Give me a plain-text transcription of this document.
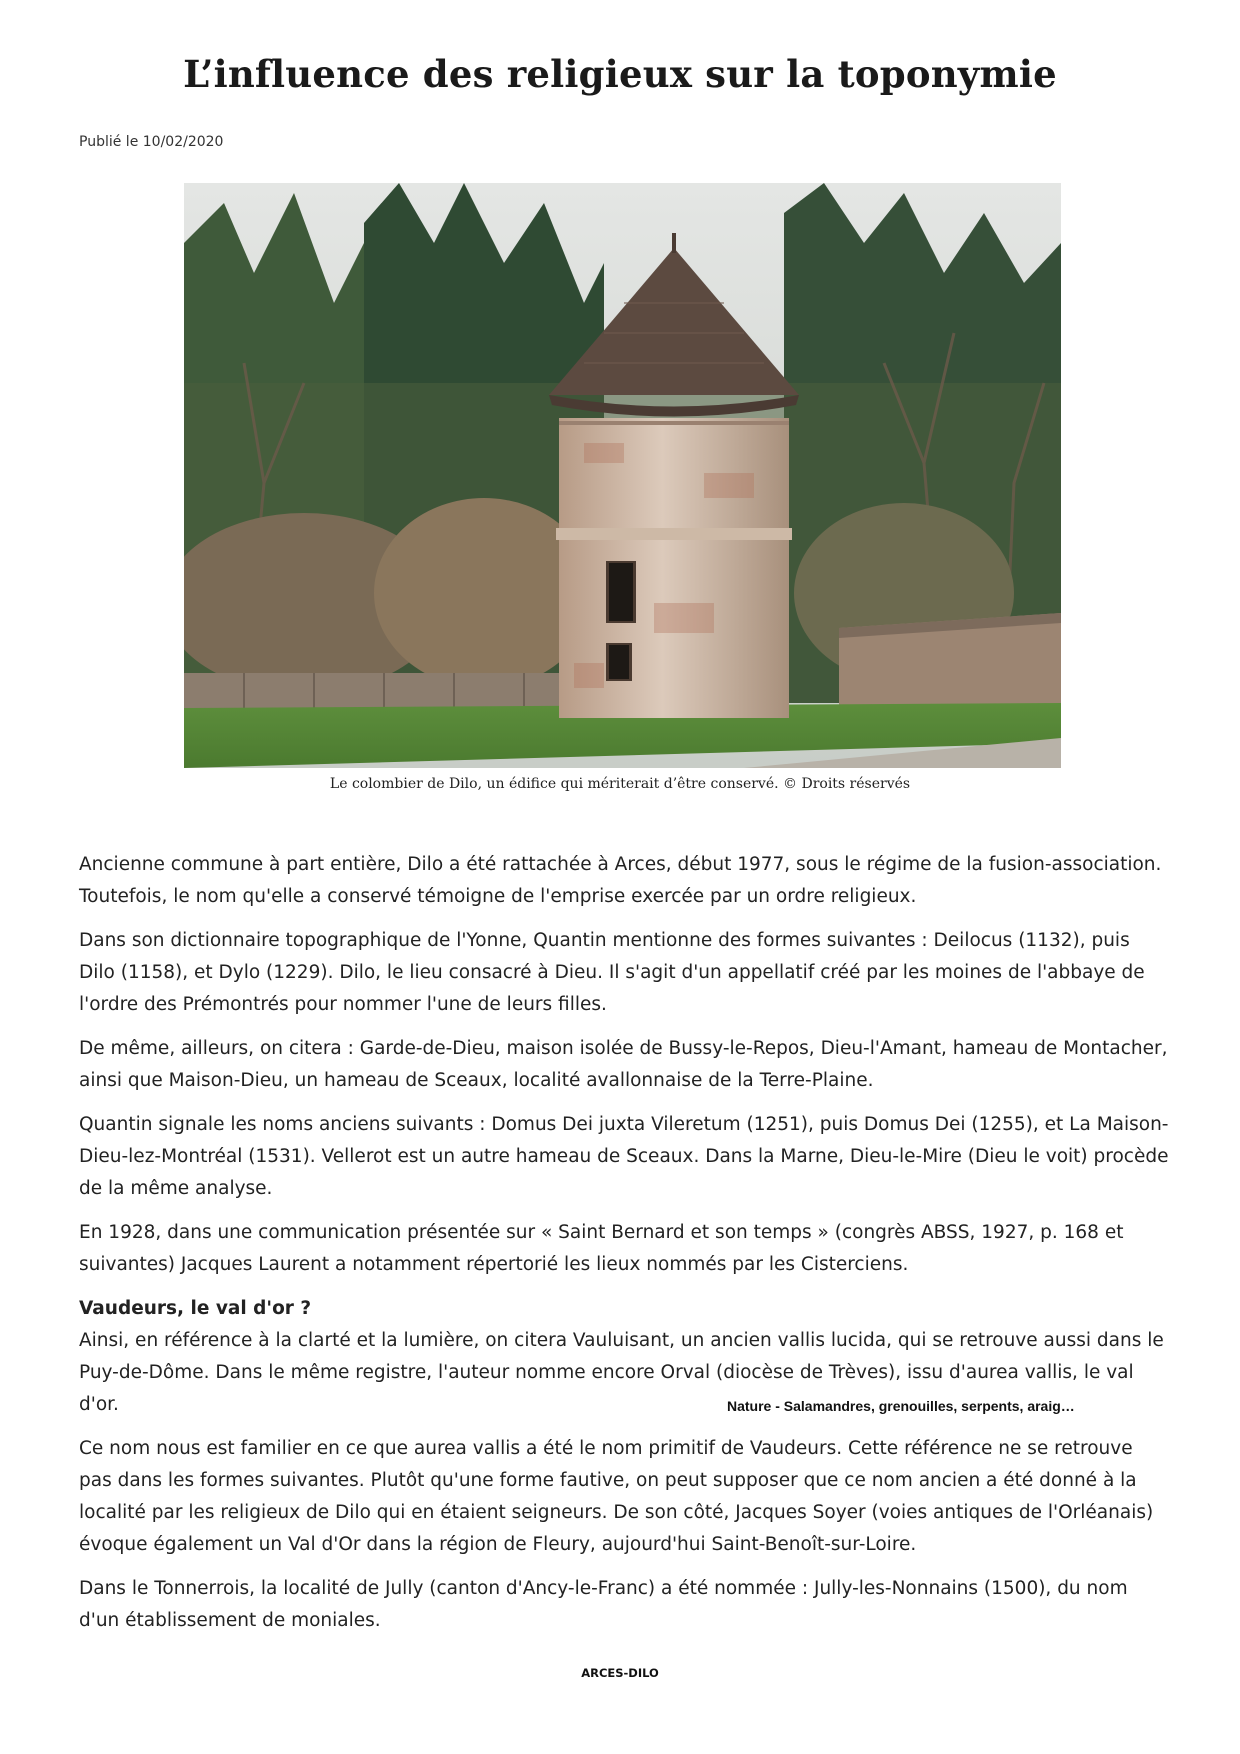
L’influence des religieux sur la toponymie
Publié le 10/02/2020
Le colombier de Dilo, un édifice qui mériterait d’être conservé. © Droits réservés

Ancienne commune à part entière, Dilo a été rattachée à Arces, début 1977, sous le régime de la fusion-association. Toutefois, le nom qu'elle a conservé témoigne de l'emprise exercée par un ordre religieux.

Dans son dictionnaire topographique de l'Yonne, Quantin mentionne des formes suivantes : Deilocus (1132), puis Dilo (1158), et Dylo (1229). Dilo, le lieu consacré à Dieu. Il s'agit d'un appellatif créé par les moines de l'abbaye de l'ordre des Prémontrés pour nommer l'une de leurs filles.

De même, ailleurs, on citera : Garde-de-Dieu, maison isolée de Bussy-le-Repos, Dieu-l'Amant, hameau de Montacher, ainsi que Maison-Dieu, un hameau de Sceaux, localité avallonnaise de la Terre-Plaine.

Quantin signale les noms anciens suivants : Domus Dei juxta Vileretum (1251), puis Domus Dei (1255), et La Maison-Dieu-lez-Montréal (1531). Vellerot est un autre hameau de Sceaux. Dans la Marne, Dieu-le-Mire (Dieu le voit) procède de la même analyse.

En 1928, dans une communication présentée sur « Saint Bernard et son temps » (congrès ABSS, 1927, p. 168 et suivantes) Jacques Laurent a notamment répertorié les lieux nommés par les Cisterciens.

Vaudeurs, le val d'or ?

Ainsi, en référence à la clarté et la lumière, on citera Vauluisant, un ancien vallis lucida, qui se retrouve aussi dans le Puy-de-Dôme. Dans le même registre, l'auteur nomme encore Orval (diocèse de Trèves), issu d'aurea vallis, le val d'or.

Ce nom nous est familier en ce que aurea vallis a été le nom primitif de Vaudeurs. Cette référence ne se retrouve pas dans les formes suivantes. Plutôt qu'une forme fautive, on peut supposer que ce nom ancien a été donné à la localité par les religieux de Dilo qui en étaient seigneurs. De son côté, Jacques Soyer (voies antiques de l'Orléanais) évoque également un Val d'Or dans la région de Fleury, aujourd'hui Saint-Benoît-sur-Loire.

Dans le Tonnerrois, la localité de Jully (canton d'Ancy-le-Franc) a été nommée : Jully-les-Nonnains (1500), du nom d'un établissement de moniales.

Nature - Salamandres, grenouilles, serpents, araig…
ARCES-DILO
